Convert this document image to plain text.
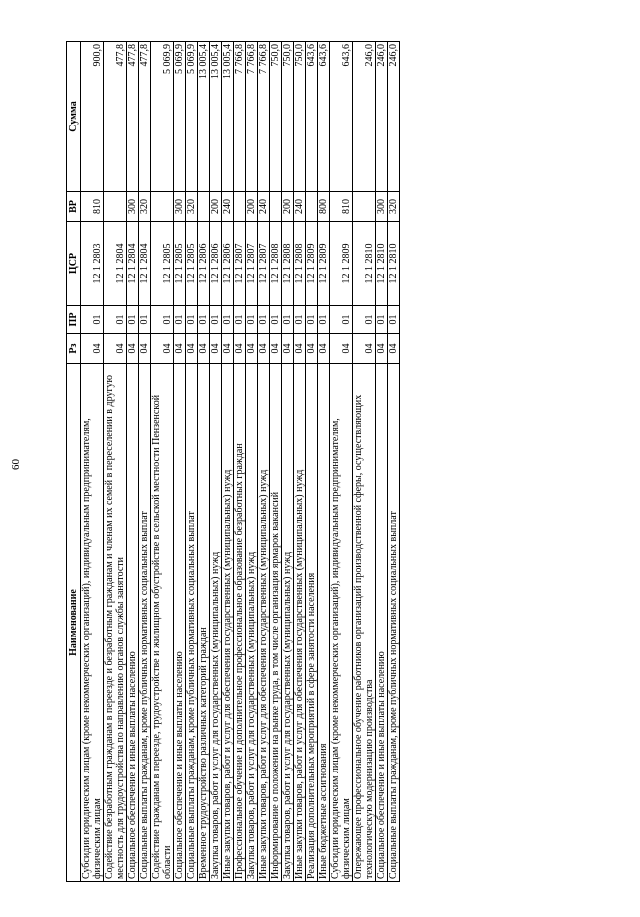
60
Наименование	Рз	ПР	ЦСР	ВР	Сумма
Субсидии юридическим лицам (кроме некоммерческих организаций), индивидуальным предпринимателям, физическим лицам	04	01	12 1 2803	810	900,0
Содействие безработным гражданам в переезде и безработным гражданам и членам их семей в переселении в другую местность для трудоустройства по направлению органов службы занятости	04	01	12 1 2804		477,8
Социальное обеспечение и иные выплаты населению	04	01	12 1 2804	300	477,8
Социальные выплаты гражданам, кроме публичных нормативных социальных выплат	04	01	12 1 2804	320	477,8
Содействие гражданам в переезде, трудоустройстве и жилищном обустройстве в сельской местности Пензенской области	04	01	12 1 2805		5 069,9
Социальное обеспечение и иные выплаты населению	04	01	12 1 2805	300	5 069,9
Социальные выплаты гражданам, кроме публичных нормативных социальных выплат	04	01	12 1 2805	320	5 069,9
Временное трудоустройство различных категорий граждан	04	01	12 1 2806		13 005,4
Закупка товаров, работ и услуг для государственных (муниципальных) нужд	04	01	12 1 2806	200	13 005,4
Иные закупки товаров, работ и услуг для обеспечения государственных (муниципальных) нужд	04	01	12 1 2806	240	13 005,4
Профессиональное обучение и дополнительное профессиональное образование безработных граждан	04	01	12 1 2807		7 766,8
Закупка товаров, работ и услуг для государственных (муниципальных) нужд	04	01	12 1 2807	200	7 766,8
Иные закупки товаров, работ и услуг для обеспечения государственных (муниципальных) нужд	04	01	12 1 2807	240	7 766,8
Информирование о положении на рынке труда, в том числе организация ярмарок вакансий	04	01	12 1 2808		750,0
Закупка товаров, работ и услуг для государственных (муниципальных) нужд	04	01	12 1 2808	200	750,0
Иные закупки товаров, работ и услуг для обеспечения государственных (муниципальных) нужд	04	01	12 1 2808	240	750,0
Реализация дополнительных мероприятий в сфере занятости населения	04	01	12 1 2809		643,6
Иные бюджетные ассигнования	04	01	12 1 2809	800	643,6
Субсидии юридическим лицам (кроме некоммерческих организаций), индивидуальным предпринимателям, физическим лицам	04	01	12 1 2809	810	643,6
Опережающее профессиональное обучение работников организаций производственной сферы, осуществляющих технологическую модернизацию производства	04	01	12 1 2810		246,0
Социальное обеспечение и иные выплаты населению	04	01	12 1 2810	300	246,0
Социальные выплаты гражданам, кроме публичных нормативных социальных выплат	04	01	12 1 2810	320	246,0
